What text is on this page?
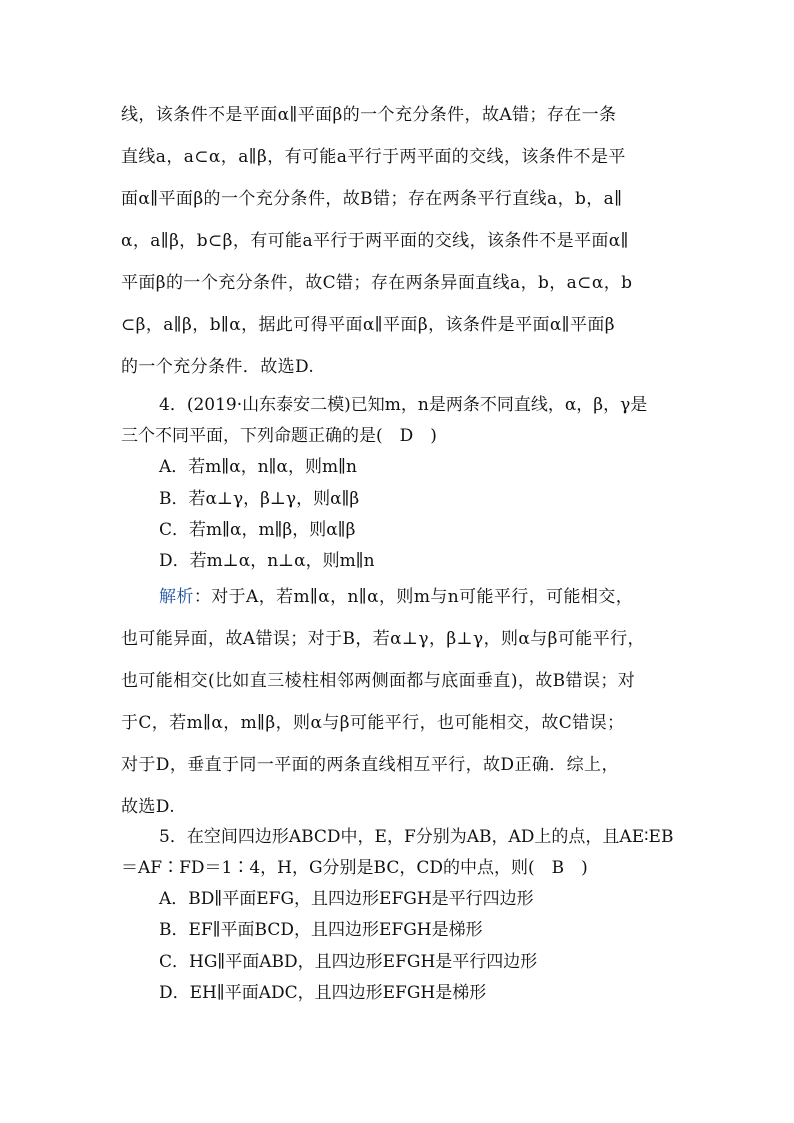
线，该条件不是平面α∥平面β的一个充分条件，故A错；存在一条
直线a，a⊂α，a∥β，有可能a平行于两平面的交线，该条件不是平
面α∥平面β的一个充分条件，故B错；存在两条平行直线a，b，a∥
α，a∥β，b⊂β，有可能a平行于两平面的交线，该条件不是平面α∥
平面β的一个充分条件，故C错；存在两条异面直线a，b，a⊂α，b
⊂β，a∥β，b∥α，据此可得平面α∥平面β，该条件是平面α∥平面β
的一个充分条件．故选D.
4．(2019·山东泰安二模)已知m，n是两条不同直线，α，β，γ是
三个不同平面，下列命题正确的是(　D　)
A．若m∥α，n∥α，则m∥n
B．若α⊥γ，β⊥γ，则α∥β
C．若m∥α，m∥β，则α∥β
D．若m⊥α，n⊥α，则m∥n
解析：对于A，若m∥α，n∥α，则m与n可能平行，可能相交，
也可能异面，故A错误；对于B，若α⊥γ，β⊥γ，则α与β可能平行，
也可能相交(比如直三棱柱相邻两侧面都与底面垂直)，故B错误；对
于C，若m∥α，m∥β，则α与β可能平行，也可能相交，故C错误；
对于D，垂直于同一平面的两条直线相互平行，故D正确．综上，
故选D.
5．在空间四边形ABCD中，E，F分别为AB，AD上的点，且AE∶EB
＝AF∶FD＝1∶4，H，G分别是BC，CD的中点，则(　B　)
A．BD∥平面EFG，且四边形EFGH是平行四边形
B．EF∥平面BCD，且四边形EFGH是梯形
C．HG∥平面ABD，且四边形EFGH是平行四边形
D．EH∥平面ADC，且四边形EFGH是梯形
